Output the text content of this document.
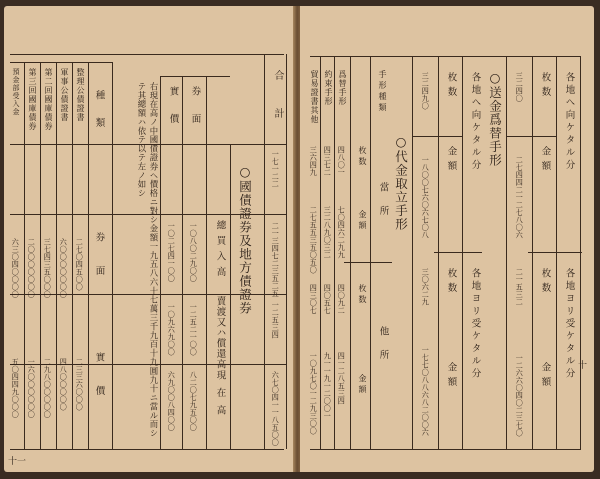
合計
一七一二二
二一三四七二三五二五
一二五三四
六七〇四一一八五〇〇
○國債證券及地方債證券
總買入高
賣渡又ハ償還高
現在高
券面
一〇八〇二九〇〇
一二五二一〇〇
八二〇七九五〇〇
實價
一〇二七四一〇〇
一〇九六九〇〇
六九〇〇八四〇〇
右現在高ノ中國債證券ヘ價格ニ對シ金額一九五八六十七萬三千九百十九圓九十ニ當ル而シテ其總額ハ依テ以テ左ノ如シ
種類
券面
實價
整理公債證書
二七〇四五〇〇
二三三六〇〇〇
軍事公債證書
六〇〇〇〇〇〇〇
四八〇〇〇〇〇
第二回國庫債券
三七四三五〇〇〇
二九八〇〇〇〇〇
第三回國庫債券
二〇〇〇〇〇〇〇
一六〇〇〇〇〇〇
預金部受入金
六三〇四〇〇〇〇
五〇四四九〇〇〇
十一
各地へ向ケタル分
各地ヨリ受ケタル分
枚数
金額
枚数
金額
三二四〇
二七四四二一二七八〇六
二一五三二
一二六六〇四〇二三七〇
○送金爲替手形
各地へ向ケタル分
各地ヨリ受ケタル分
枚数
金額
枚数
金額
三二四九〇
一八〇〇七六〇六七〇八
三〇六二九
一七七〇八八六八二〇〇六
○代金取立手形
手形種類
當所
他所
枚数
金額
枚数
金額
爲替手形
四八〇一
七〇四六二九九
四〇九二
四一二八五三四
約束手形
四三七二
三二八九〇三二
四〇五七
九一一九一二〇〇一
貿易證書其他
三六四九
二七五五三五〇五〇
四三〇七
一〇九七〇一二九三〇〇	十
